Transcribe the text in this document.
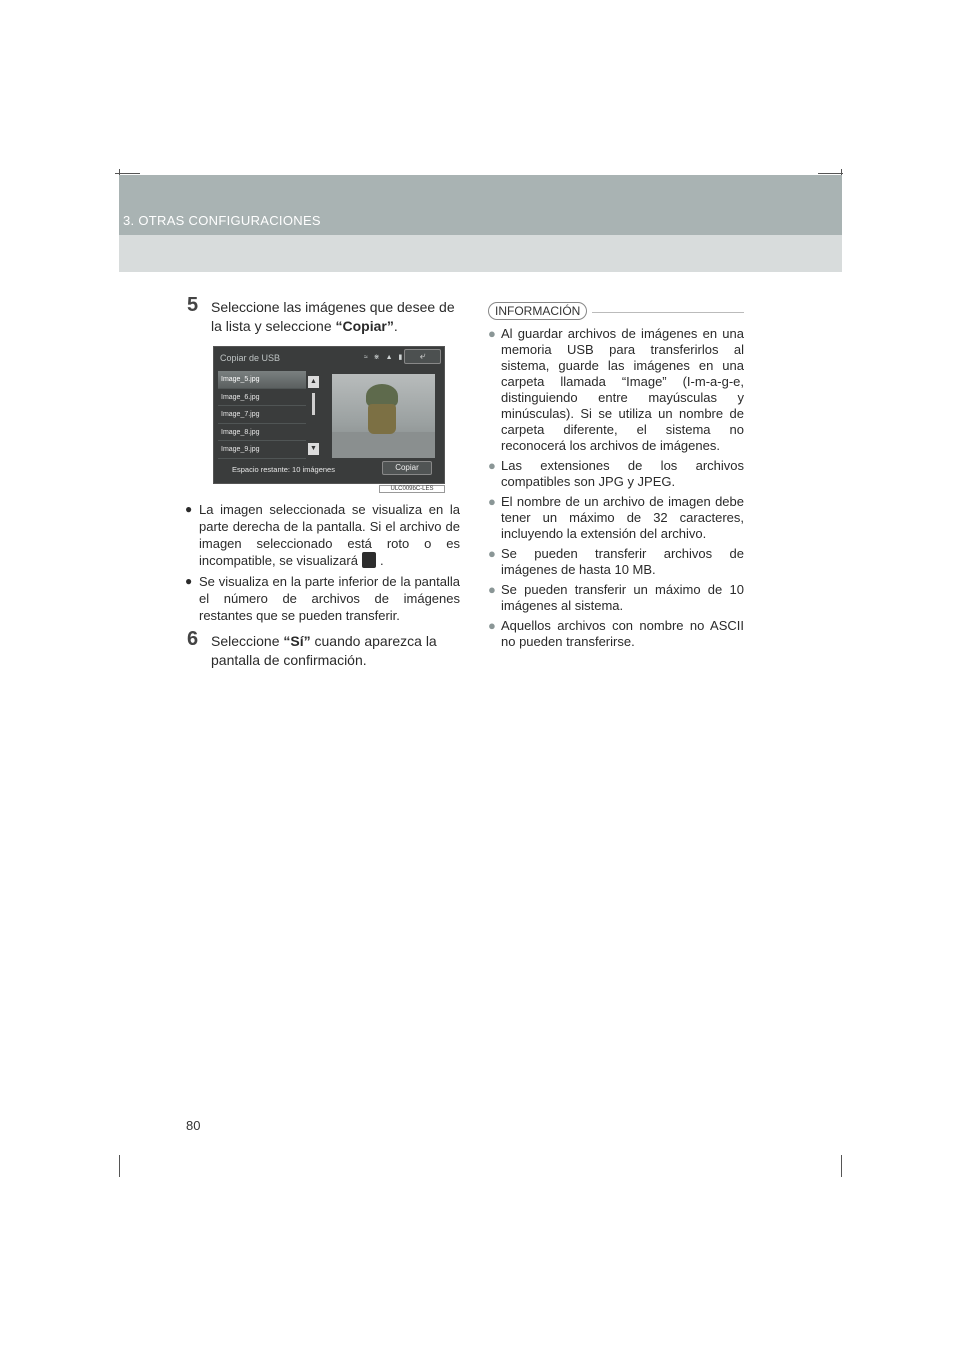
3. OTRAS CONFIGURACIONES
5 Seleccione las imágenes que desee de la lista y seleccione “Copiar”.
Copiar de USB	≈ ⋇ ▲ ▮	⤶
Image_5.jpg
Image_6.jpg
Image_7.jpg
Image_8.jpg
Image_9.jpg
▲
▼
Espacio restante: 10 imágenes	Copiar
ULC009bC-LES
● La imagen seleccionada se visualiza en la parte derecha de la pantalla. Si el archivo de imagen seleccionado está roto o es incompatible, se visualizará .
● Se visualiza en la parte inferior de la pantalla el número de archivos de imágenes restantes que se pueden transferir.
6 Seleccione “Sí” cuando aparezca la pantalla de confirmación.
INFORMACIÓN
● Al guardar archivos de imágenes en una memoria USB para transferirlos al sistema, guarde las imágenes en una carpeta llamada “Image” (I-m-a-g-e, distinguiendo entre mayúsculas y minúsculas). Si se utiliza un nombre de carpeta diferente, el sistema no reconocerá los archivos de imágenes.
● Las extensiones de los archivos compatibles son JPG y JPEG.
● El nombre de un archivo de imagen debe tener un máximo de 32 caracteres, incluyendo la extensión del archivo.
● Se pueden transferir archivos de imágenes de hasta 10 MB.
● Se pueden transferir un máximo de 10 imágenes al sistema.
● Aquellos archivos con nombre no ASCII no pueden transferirse.
80
